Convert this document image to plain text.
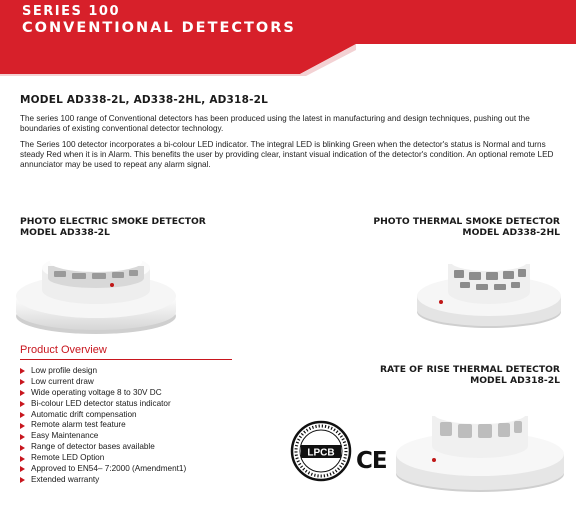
SERIES 100
CONVENTIONAL DETECTORS
MODEL AD338-2L, AD338-2HL, AD318-2L
The series 100 range of Conventional detectors has been produced using the latest in manufacturing and design techniques, pushing out the boundaries of existing conventional detector technology.
The Series 100 detector incorporates a bi-colour LED indicator. The integral LED is blinking Green when the detector's status is Normal and turns steady Red when it is in Alarm. This benefits the user by providing clear, instant visual indication of the detector's condition. An optional remote LED annunciator may be used to repeat any alarm signal.
PHOTO ELECTRIC SMOKE DETECTOR
MODEL AD338-2L
PHOTO THERMAL SMOKE DETECTOR
MODEL AD338-2HL
RATE OF RISE THERMAL DETECTOR
MODEL AD318-2L
Product Overview
Low profile design
Low current draw
Wide operating voltage 8 to 30V DC
Bi-colour LED detector status indicator
Automatic drift compensation
Remote alarm test feature
Easy Maintenance
Range of detector bases available
Remote LED Option
Approved to EN54– 7:2000 (Amendment1)
Extended warranty
LPCB CE
